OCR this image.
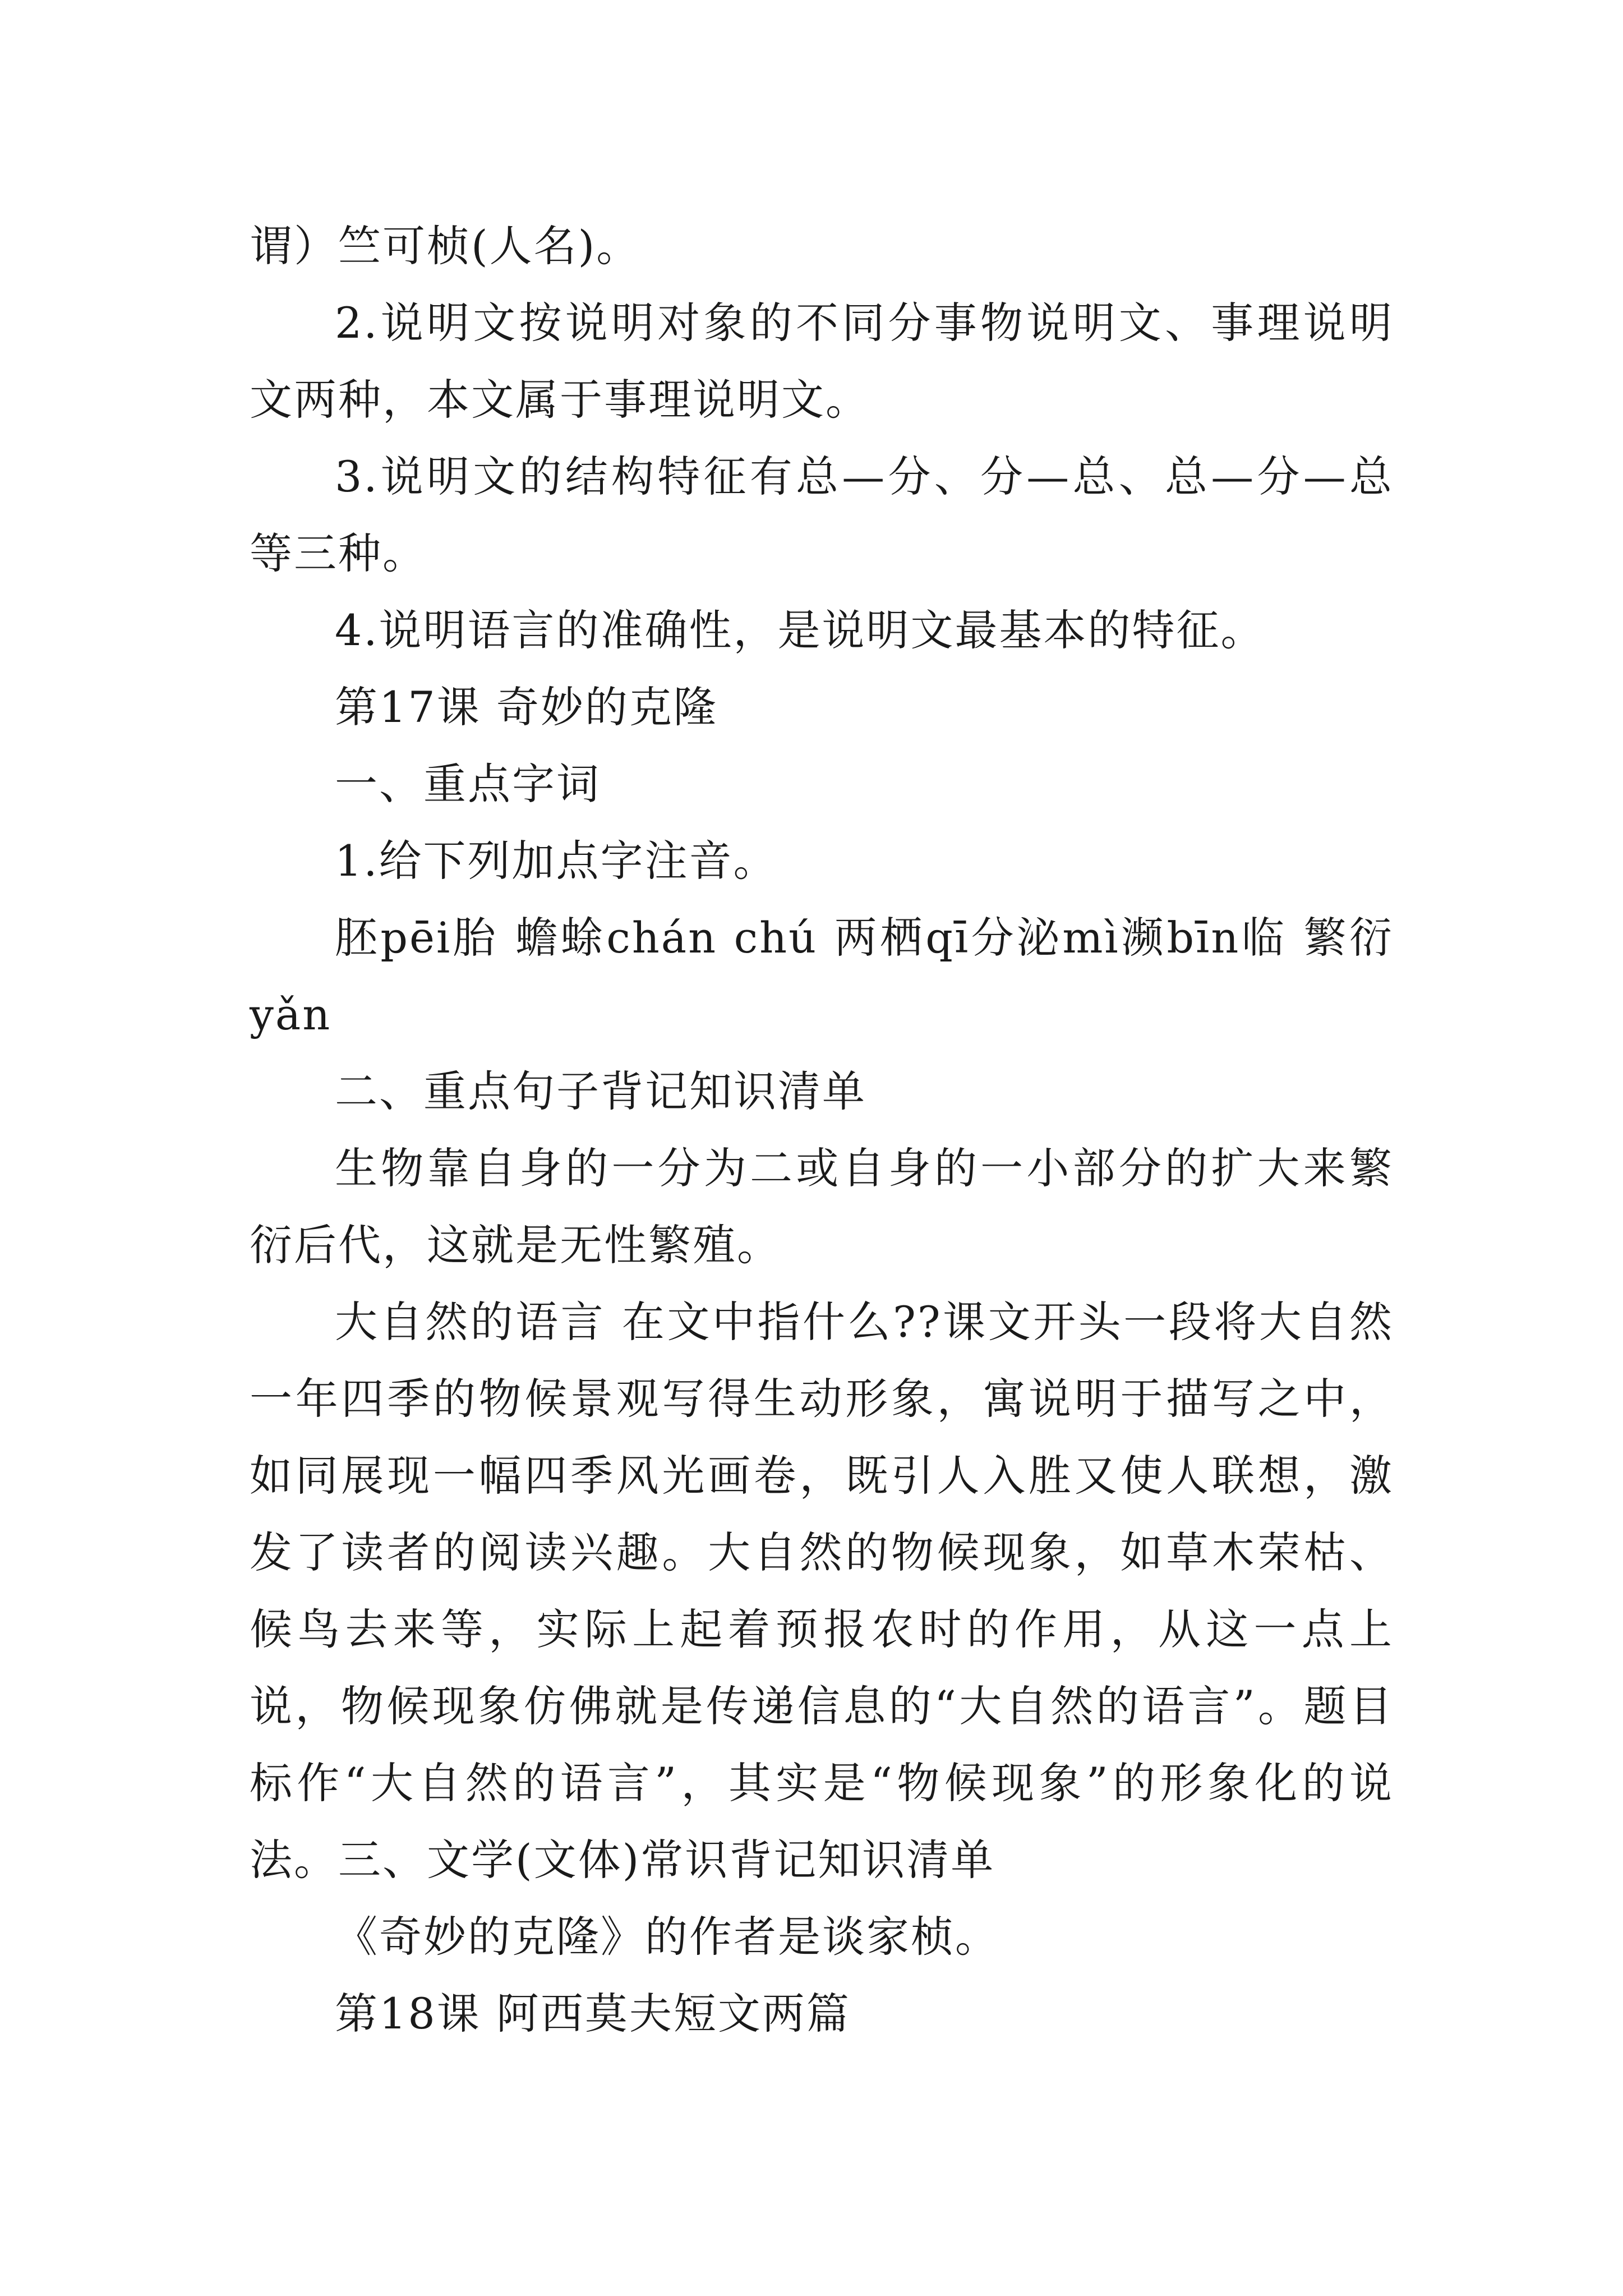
谓）竺可桢(人名)。

2.说明文按说明对象的不同分事物说明文、事理说明文两种，本文属于事理说明文。

3.说明文的结构特征有总—分、分—总、总—分—总等三种。

4.说明语言的准确性，是说明文最基本的特征。

第17课 奇妙的克隆

一、重点字词

1.给下列加点字注音。

胚pēi胎 蟾蜍chán chú 两栖qī分泌mì濒bīn临 繁衍yǎn

二、重点句子背记知识清单

生物靠自身的一分为二或自身的一小部分的扩大来繁衍后代，这就是无性繁殖。

大自然的语言 在文中指什么??课文开头一段将大自然一年四季的物候景观写得生动形象，寓说明于描写之中，如同展现一幅四季风光画卷，既引人入胜又使人联想，激发了读者的阅读兴趣。大自然的物候现象，如草木荣枯、候鸟去来等，实际上起着预报农时的作用，从这一点上说，物候现象仿佛就是传递信息的“大自然的语言”。题目标作“大自然的语言”，其实是“物候现象”的形象化的说法。三、文学(文体)常识背记知识清单

《奇妙的克隆》的作者是谈家桢。

第18课 阿西莫夫短文两篇
